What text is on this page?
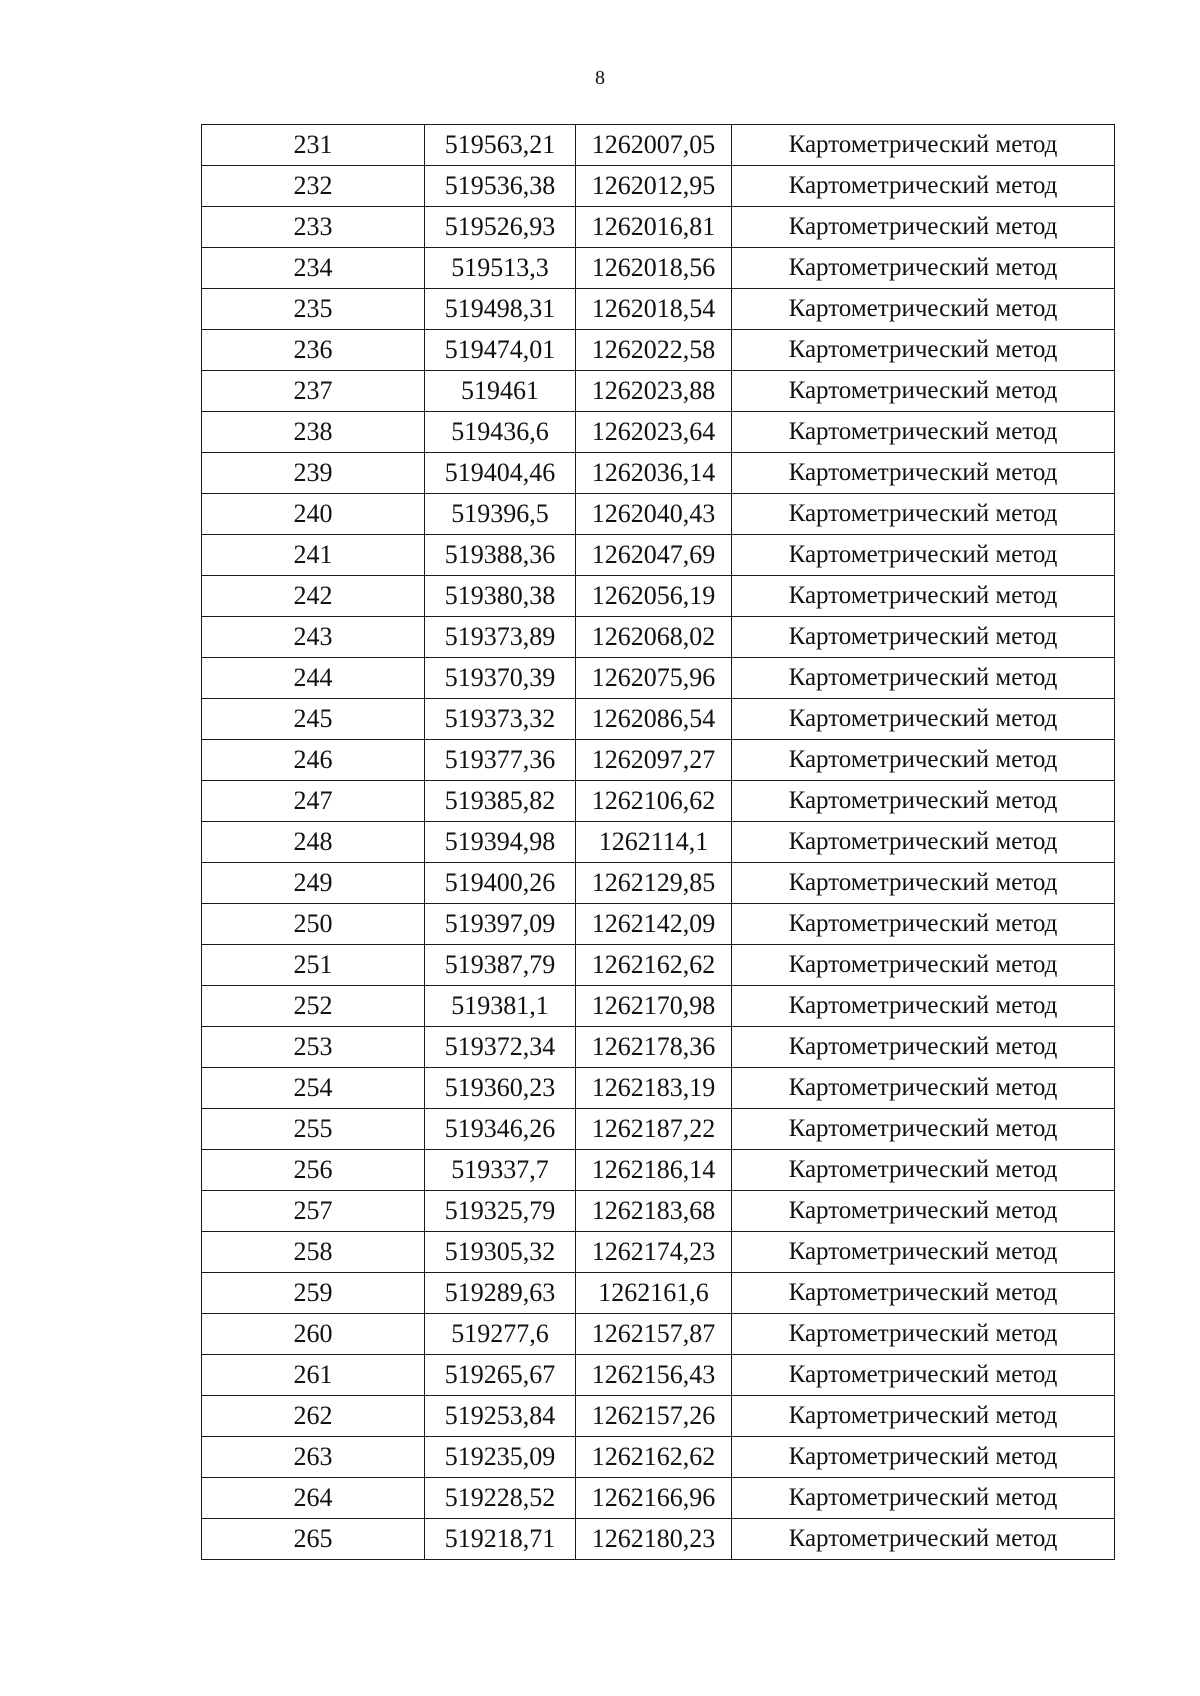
8
231	519563,21	1262007,05	Картометрический метод
232	519536,38	1262012,95	Картометрический метод
233	519526,93	1262016,81	Картометрический метод
234	519513,3	1262018,56	Картометрический метод
235	519498,31	1262018,54	Картометрический метод
236	519474,01	1262022,58	Картометрический метод
237	519461	1262023,88	Картометрический метод
238	519436,6	1262023,64	Картометрический метод
239	519404,46	1262036,14	Картометрический метод
240	519396,5	1262040,43	Картометрический метод
241	519388,36	1262047,69	Картометрический метод
242	519380,38	1262056,19	Картометрический метод
243	519373,89	1262068,02	Картометрический метод
244	519370,39	1262075,96	Картометрический метод
245	519373,32	1262086,54	Картометрический метод
246	519377,36	1262097,27	Картометрический метод
247	519385,82	1262106,62	Картометрический метод
248	519394,98	1262114,1	Картометрический метод
249	519400,26	1262129,85	Картометрический метод
250	519397,09	1262142,09	Картометрический метод
251	519387,79	1262162,62	Картометрический метод
252	519381,1	1262170,98	Картометрический метод
253	519372,34	1262178,36	Картометрический метод
254	519360,23	1262183,19	Картометрический метод
255	519346,26	1262187,22	Картометрический метод
256	519337,7	1262186,14	Картометрический метод
257	519325,79	1262183,68	Картометрический метод
258	519305,32	1262174,23	Картометрический метод
259	519289,63	1262161,6	Картометрический метод
260	519277,6	1262157,87	Картометрический метод
261	519265,67	1262156,43	Картометрический метод
262	519253,84	1262157,26	Картометрический метод
263	519235,09	1262162,62	Картометрический метод
264	519228,52	1262166,96	Картометрический метод
265	519218,71	1262180,23	Картометрический метод
